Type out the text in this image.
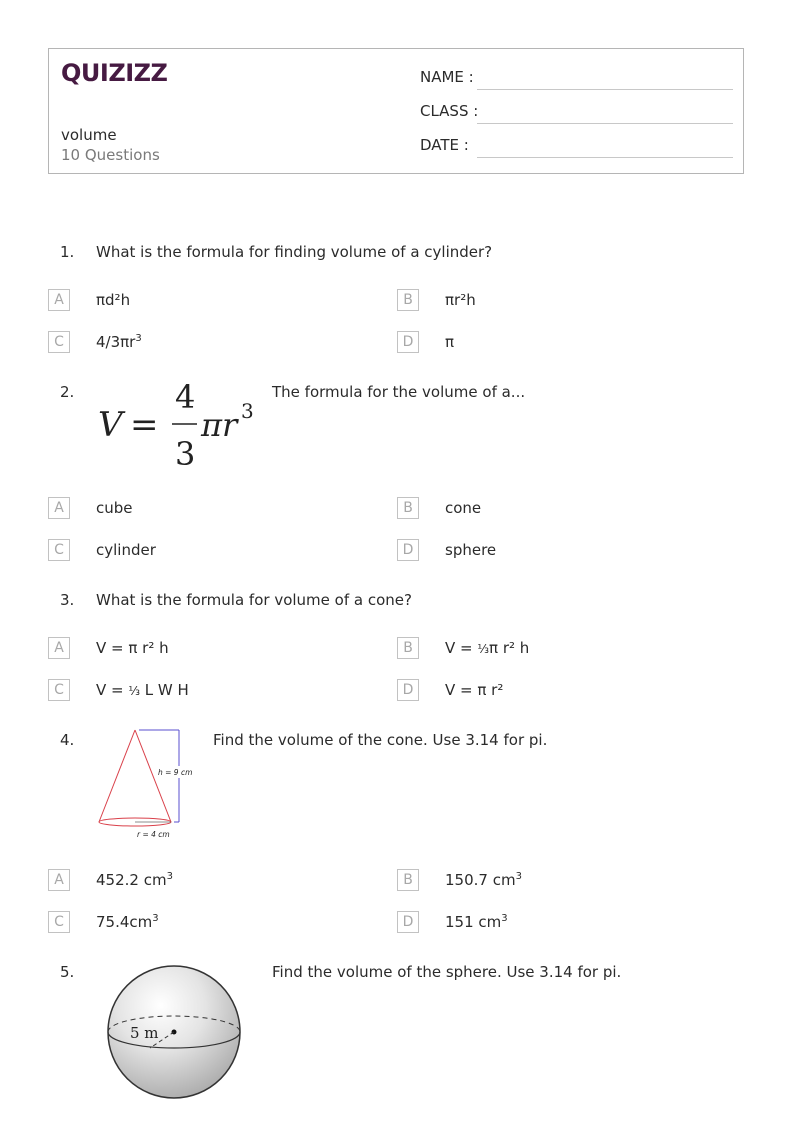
QUIZIZZ
volume
10 Questions
NAME :
CLASS :
DATE :
1. What is the formula for finding volume of a cylinder?
A	πd²h	B	πr²h
C	$4/3\pi r^3$	D	π
2.
V =
4
3
π r 3
The formula for the volume of a...
A	cube	B	cone
C	cylinder	D	sphere
3. What is the formula for volume of a cone?
A	V = π r² h	B	V = ⅓π r² h
C	V = ⅓ L W H	D	V = π r²
4.
h = 9 cm
r = 4 cm
Find the volume of the cone. Use 3.14 for pi.
A	452.2 $cm^3$	B	150.7 $cm^3$
C	$75.4cm^3$	D	151 $cm^3$
5.
5 m
Find the volume of the sphere. Use 3.14 for pi.
